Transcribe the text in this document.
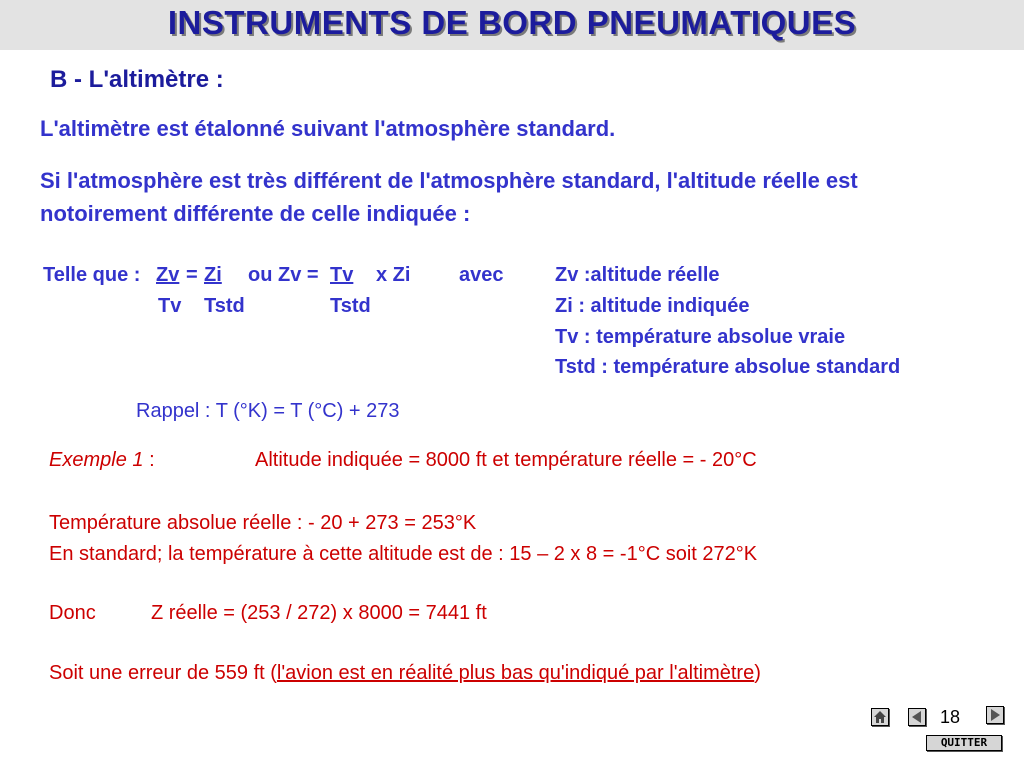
INSTRUMENTS DE BORD PNEUMATIQUES
B - L'altimètre :
L'altimètre est étalonné suivant l'atmosphère standard.
Si l'atmosphère est très différent de l'atmosphère standard, l'altitude réelle est
notoirement différente de celle indiquée :
Telle que : Zv = Zi ou Zv = Tv	x Zi avec
Tv Tstd	Tstd
Zv :altitude réelle
Zi : altitude indiquée
Tv : température absolue vraie
Tstd : température absolue standard
Rappel : T (°K) = T (°C) + 273
Exemple 1 :	Altitude indiquée = 8000 ft et température réelle = - 20°C
Température absolue réelle : - 20 + 273 = 253°K
En standard; la température à cette altitude est de : 15 – 2 x 8 = -1°C soit 272°K
Donc	Z réelle = (253 / 272) x 8000 = 7441 ft
Soit une erreur de 559 ft (l'avion est en réalité plus bas qu'indiqué par l'altimètre)
18
QUITTER
